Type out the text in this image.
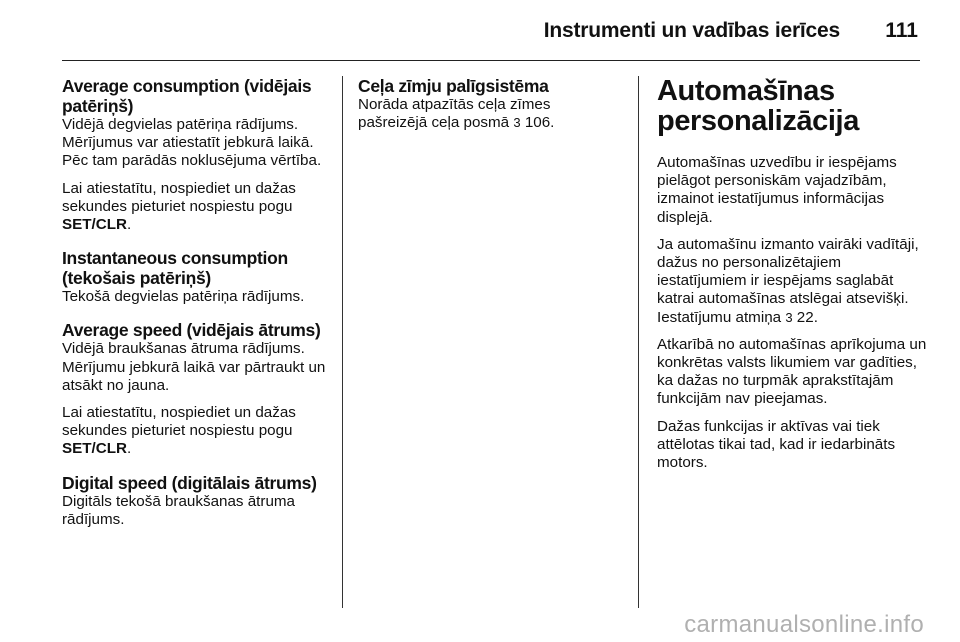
Instrumenti un vadības ierīces 111
Average consumption (vidējais patēriņš)

Vidējā degvielas patēriņa rādījums. Mērījumus var atiestatīt jebkurā laikā. Pēc tam parādās noklusējuma vērtība.

Lai atiestatītu, nospiediet un dažas sekundes pieturiet nospiestu pogu SET/CLR.

Instantaneous consumption (tekošais patēriņš)

Tekošā degvielas patēriņa rādījums.

Average speed (vidējais ātrums)

Vidējā braukšanas ātruma rādījums. Mērījumu jebkurā laikā var pārtraukt un atsākt no jauna.

Lai atiestatītu, nospiediet un dažas sekundes pieturiet nospiestu pogu SET/CLR.

Digital speed (digitālais ātrums)

Digitāls tekošā braukšanas ātruma rādījums.

Ceļa zīmju palīgsistēma

Norāda atpazītās ceļa zīmes pašreizējā ceļa posmā 3 106.

Automašīnas personalizācija

Automašīnas uzvedību ir iespējams pielāgot personiskām vajadzībām, izmainot iestatījumus informācijas displejā.

Ja automašīnu izmanto vairāki vadītāji, dažus no personalizētajiem iestatījumiem ir iespējams saglabāt katrai automašīnas atslēgai atsevišķi. Iestatījumu atmiņa 3 22.

Atkarībā no automašīnas aprīkojuma un konkrētas valsts likumiem var gadīties, ka dažas no turpmāk aprakstītajām funkcijām nav pieejamas.

Dažas funkcijas ir aktīvas vai tiek attēlotas tikai tad, kad ir iedarbināts motors.

carmanualsonline.info
